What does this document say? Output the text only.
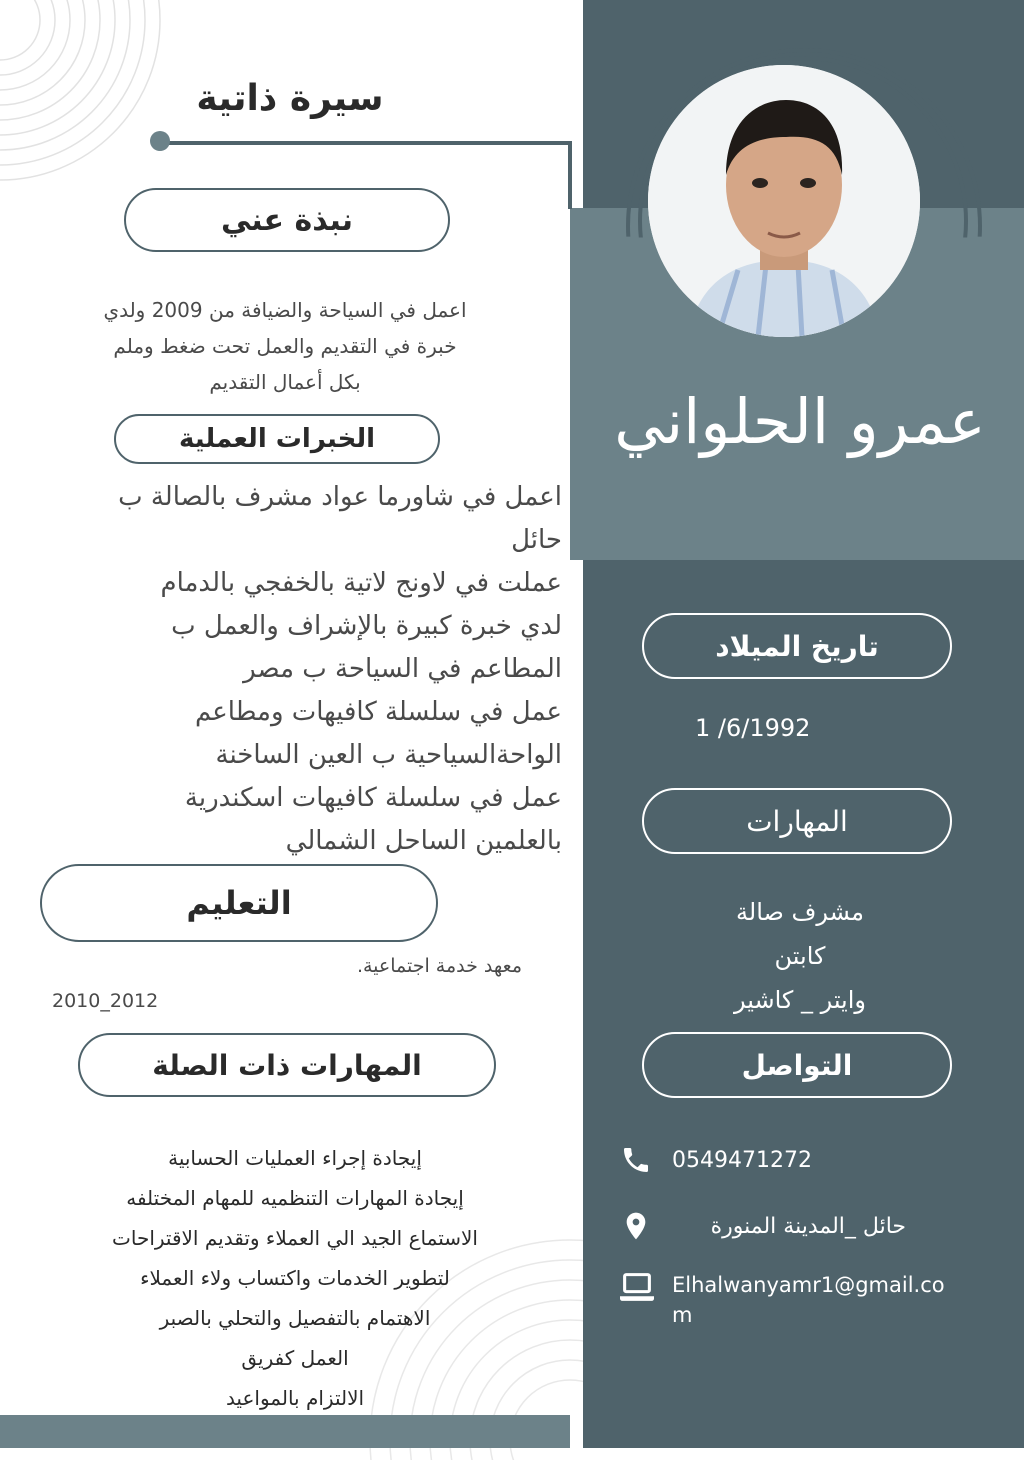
سيرة ذاتية
عمرو الحلواني
نبذة عني
اعمل في السياحة والضيافة من 2009 ولدي
خبرة في التقديم والعمل تحت ضغط وملم
بكل أعمال التقديم
الخبرات العملية
اعمل في شاورما عواد مشرف بالصالة ب
حائل
عملت في لاونج لاتية بالخفجي بالدمام
لدي خبرة كبيرة بالإشراف والعمل ب
المطاعم في السياحة ب مصر
عمل في سلسلة كافيهات ومطاعم
الواحةالسياحية ب العين الساخنة
عمل في سلسلة كافيهات اسكندرية
بالعلمين الساحل الشمالي
التعليم
معهد خدمة اجتماعية.
2010_2012
المهارات ذات الصلة
إيجادة إجراء العمليات الحسابية
إيجادة المهارات التنظميه للمهام المختلفه
الاستماع الجيد الي العملاء وتقديم الاقتراحات
لتطوير الخدمات واكتساب ولاء العملاء
الاهتمام بالتفصيل والتحلي بالصبر
العمل كفريق
الالتزام بالمواعيد
تاريخ الميلاد
1 /6/1992
المهارات
مشرف صالة
كابتن
وايتر _ كاشير
التواصل
0549471272
حائل _المدينة المنورة
Elhalwanyamr1@gmail.co
m
